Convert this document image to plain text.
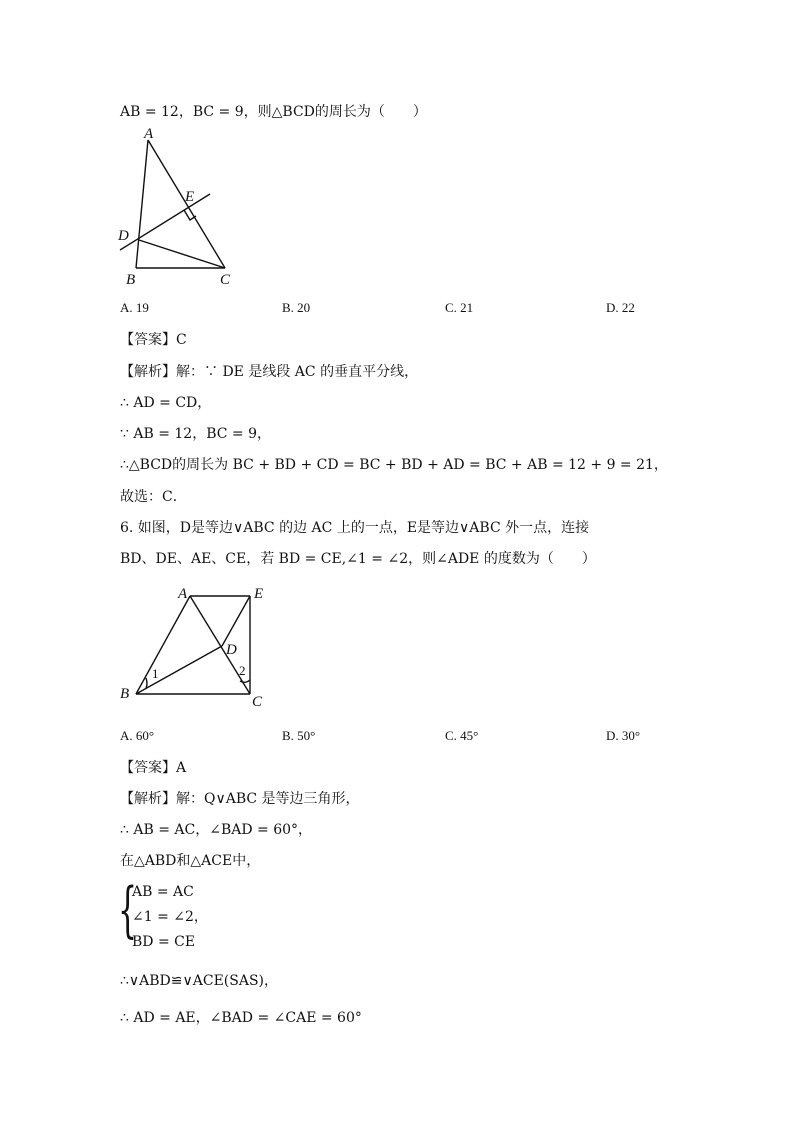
AB = 12，BC = 9，则△BCD的周长为（　　）
A
E
D
B	C
A. 19	B. 20	C. 21	D. 22
【答案】C
【解析】解：∵ DE 是线段 AC 的垂直平分线，
∴ AD = CD，
∵ AB = 12，BC = 9，
∴△BCD的周长为 BC + BD + CD = BC + BD + AD = BC + AB = 12 + 9 = 21，
故选：C．
6. 如图，D是等边∨ABC 的边 AC 上的一点，E是等边∨ABC 外一点，连接
BD、DE、AE、CE，若 BD = CE,∠1 = ∠2，则∠ADE 的度数为（　　）
A	E
D
B	C
1	2
A. 60°	B. 50°	C. 45°	D. 30°
【答案】A
【解析】解：Q∨ABC 是等边三角形，
∴ AB = AC，∠BAD = 60°，
在△ABD和△ACE中，
{
AB = AC
∠1 = ∠2，
BD = CE
∴∨ABD≌∨ACE(SAS)，
∴ AD = AE，∠BAD = ∠CAE = 60°
